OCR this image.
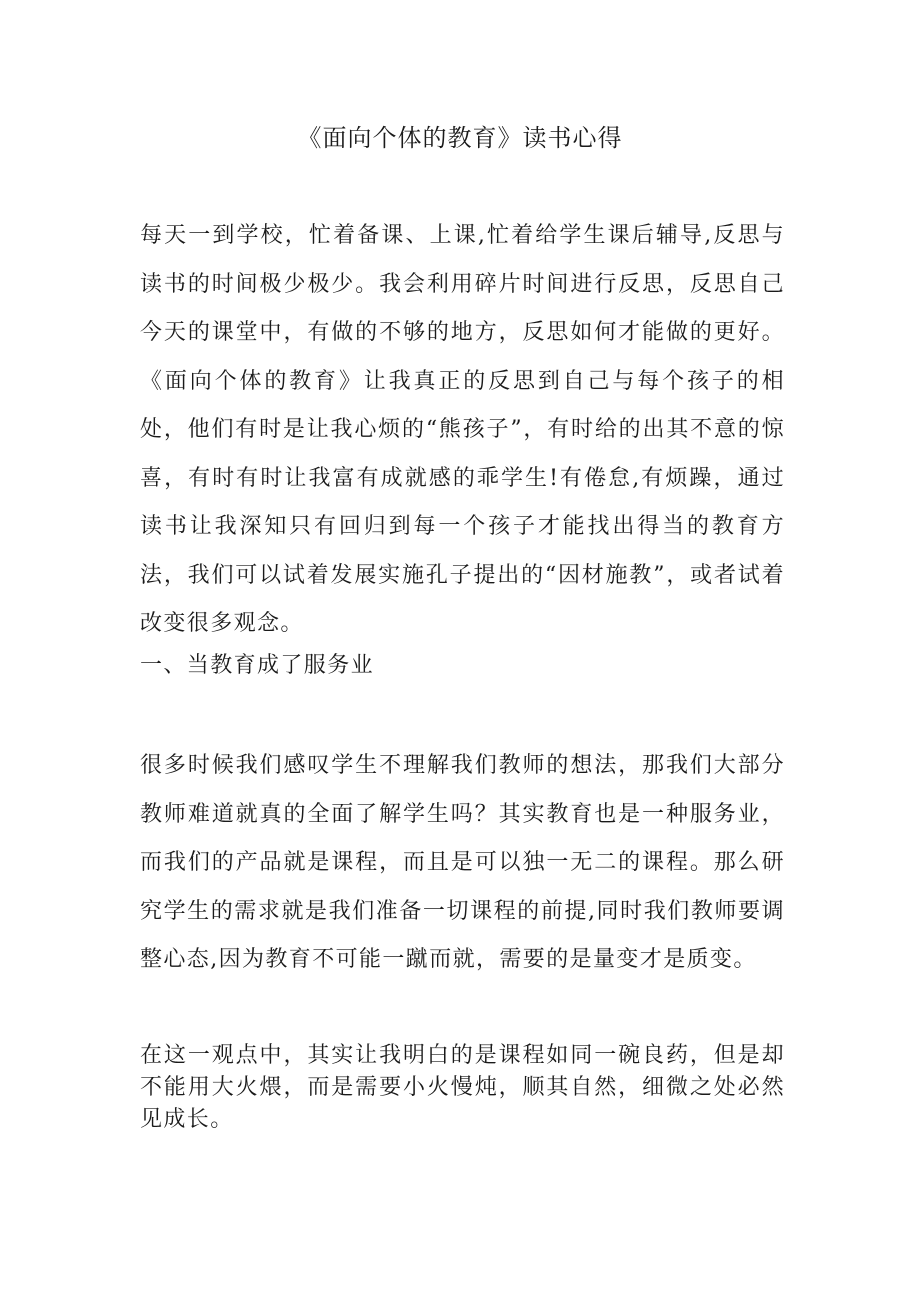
《面向个体的教育》读书心得

每天一到学校，忙着备课、上课,忙着给学生课后辅导,反思与读书的时间极少极少。我会利用碎片时间进行反思，反思自己今天的课堂中，有做的不够的地方，反思如何才能做的更好。《面向个体的教育》让我真正的反思到自己与每个孩子的相处，他们有时是让我心烦的“熊孩子”，有时给的出其不意的惊喜，有时有时让我富有成就感的乖学生!有倦怠,有烦躁，通过读书让我深知只有回归到每一个孩子才能找出得当的教育方法，我们可以试着发展实施孔子提出的“因材施教”，或者试着改变很多观念。

一、当教育成了服务业

很多时候我们感叹学生不理解我们教师的想法，那我们大部分教师难道就真的全面了解学生吗？其实教育也是一种服务业，而我们的产品就是课程，而且是可以独一无二的课程。那么研究学生的需求就是我们准备一切课程的前提,同时我们教师要调整心态,因为教育不可能一蹴而就，需要的是量变才是质变。

在这一观点中，其实让我明白的是课程如同一碗良药，但是却不能用大火煨，而是需要小火慢炖，顺其自然，细微之处必然见成长。
